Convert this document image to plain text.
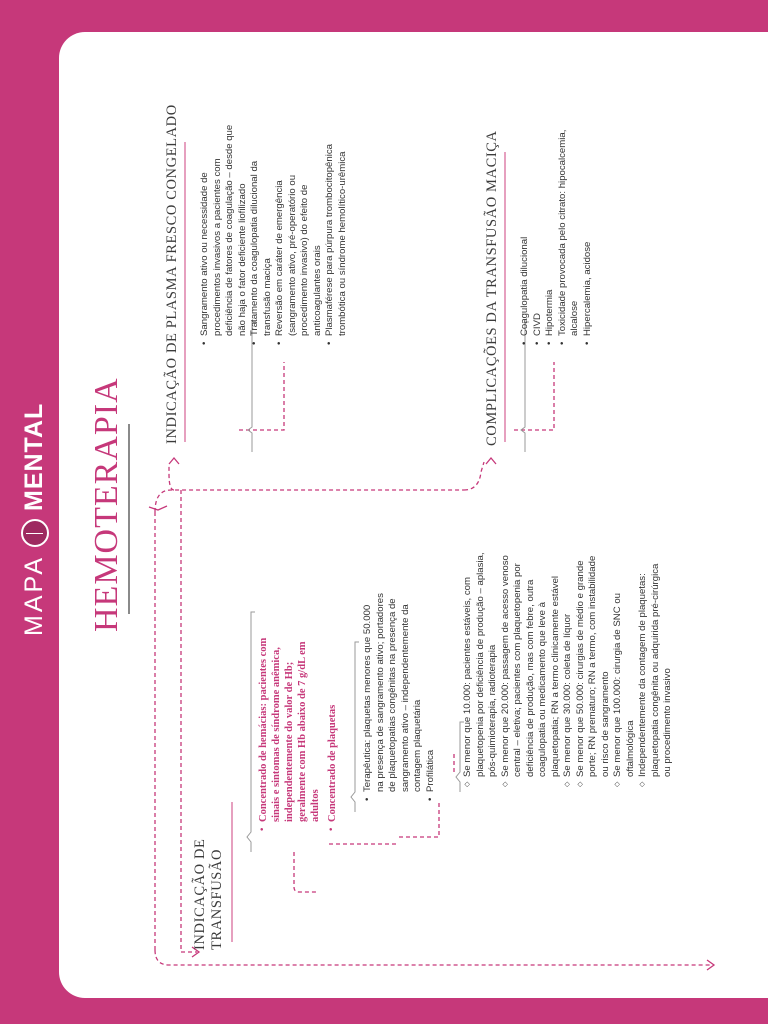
MAPA
MENTAL HEMOTERAPIA
INDICAÇÃO DE TRANSFUSÃO
• Concentrado de hemácias: pacientes com sinais e sintomas de síndrome anêmica, independentemente do valor de Hb; geralmente com Hb abaixo de 7 g/dL em adultos • Concentrado de plaquetas	• Terapêutica: plaquetas menores que 50.000 na presença de sangramento ativo; portadores de plaquetopatias congênitas na presença de sangramento ativo – independentemente da contagem plaquetária • Profilática	◇ Se menor que 10.000: pacientes estáveis, com plaquetopenia por deficiência de produção – aplasia, pós-quimioterapia, radioterapia ◇ Se menor que 20.000: passagem de acesso venoso central – eletiva; pacientes com plaquetopenia por deficiência de produção, mas com febre, outra coagulopatia ou medicamento que leve à plaquetopatia; RN a termo clinicamente estável ◇ Se menor que 30.000: coleta de líquor ◇ Se menor que 50.000: cirurgias de médio e grande porte; RN prematuro; RN a termo, com instabilidade ou risco de sangramento ◇ Se menor que 100.000: cirurgia de SNC ou oftalmológica ◇ Independentemente da contagem de plaquetas: plaquetopatia congênita ou adquirida pré-cirúrgica ou procedimento invasivo
INDICAÇÃO DE PLASMA FRESCO CONGELADO • Sangramento ativo ou necessidade de procedimentos invasivos a pacientes com deficiência de fatores de coagulação – desde que não haja o fator deficiente liofilizado • Tratamento da coagulopatia dilucional da transfusão maciça • Reversão em caráter de emergência (sangramento ativo, pré-operatório ou procedimento invasivo) do efeito de anticoagulantes orais • Plasmaférese para púrpura trombocitopênica trombótica ou síndrome hemolítico-urêmica	COMPLICAÇÕES DA TRANSFUSÃO MACIÇA • Coagulopatia dilucional • CIVD • Hipotermia • Toxicidade provocada pelo citrato: hipocalcemia, alcalose • Hipercalemia, acidose
